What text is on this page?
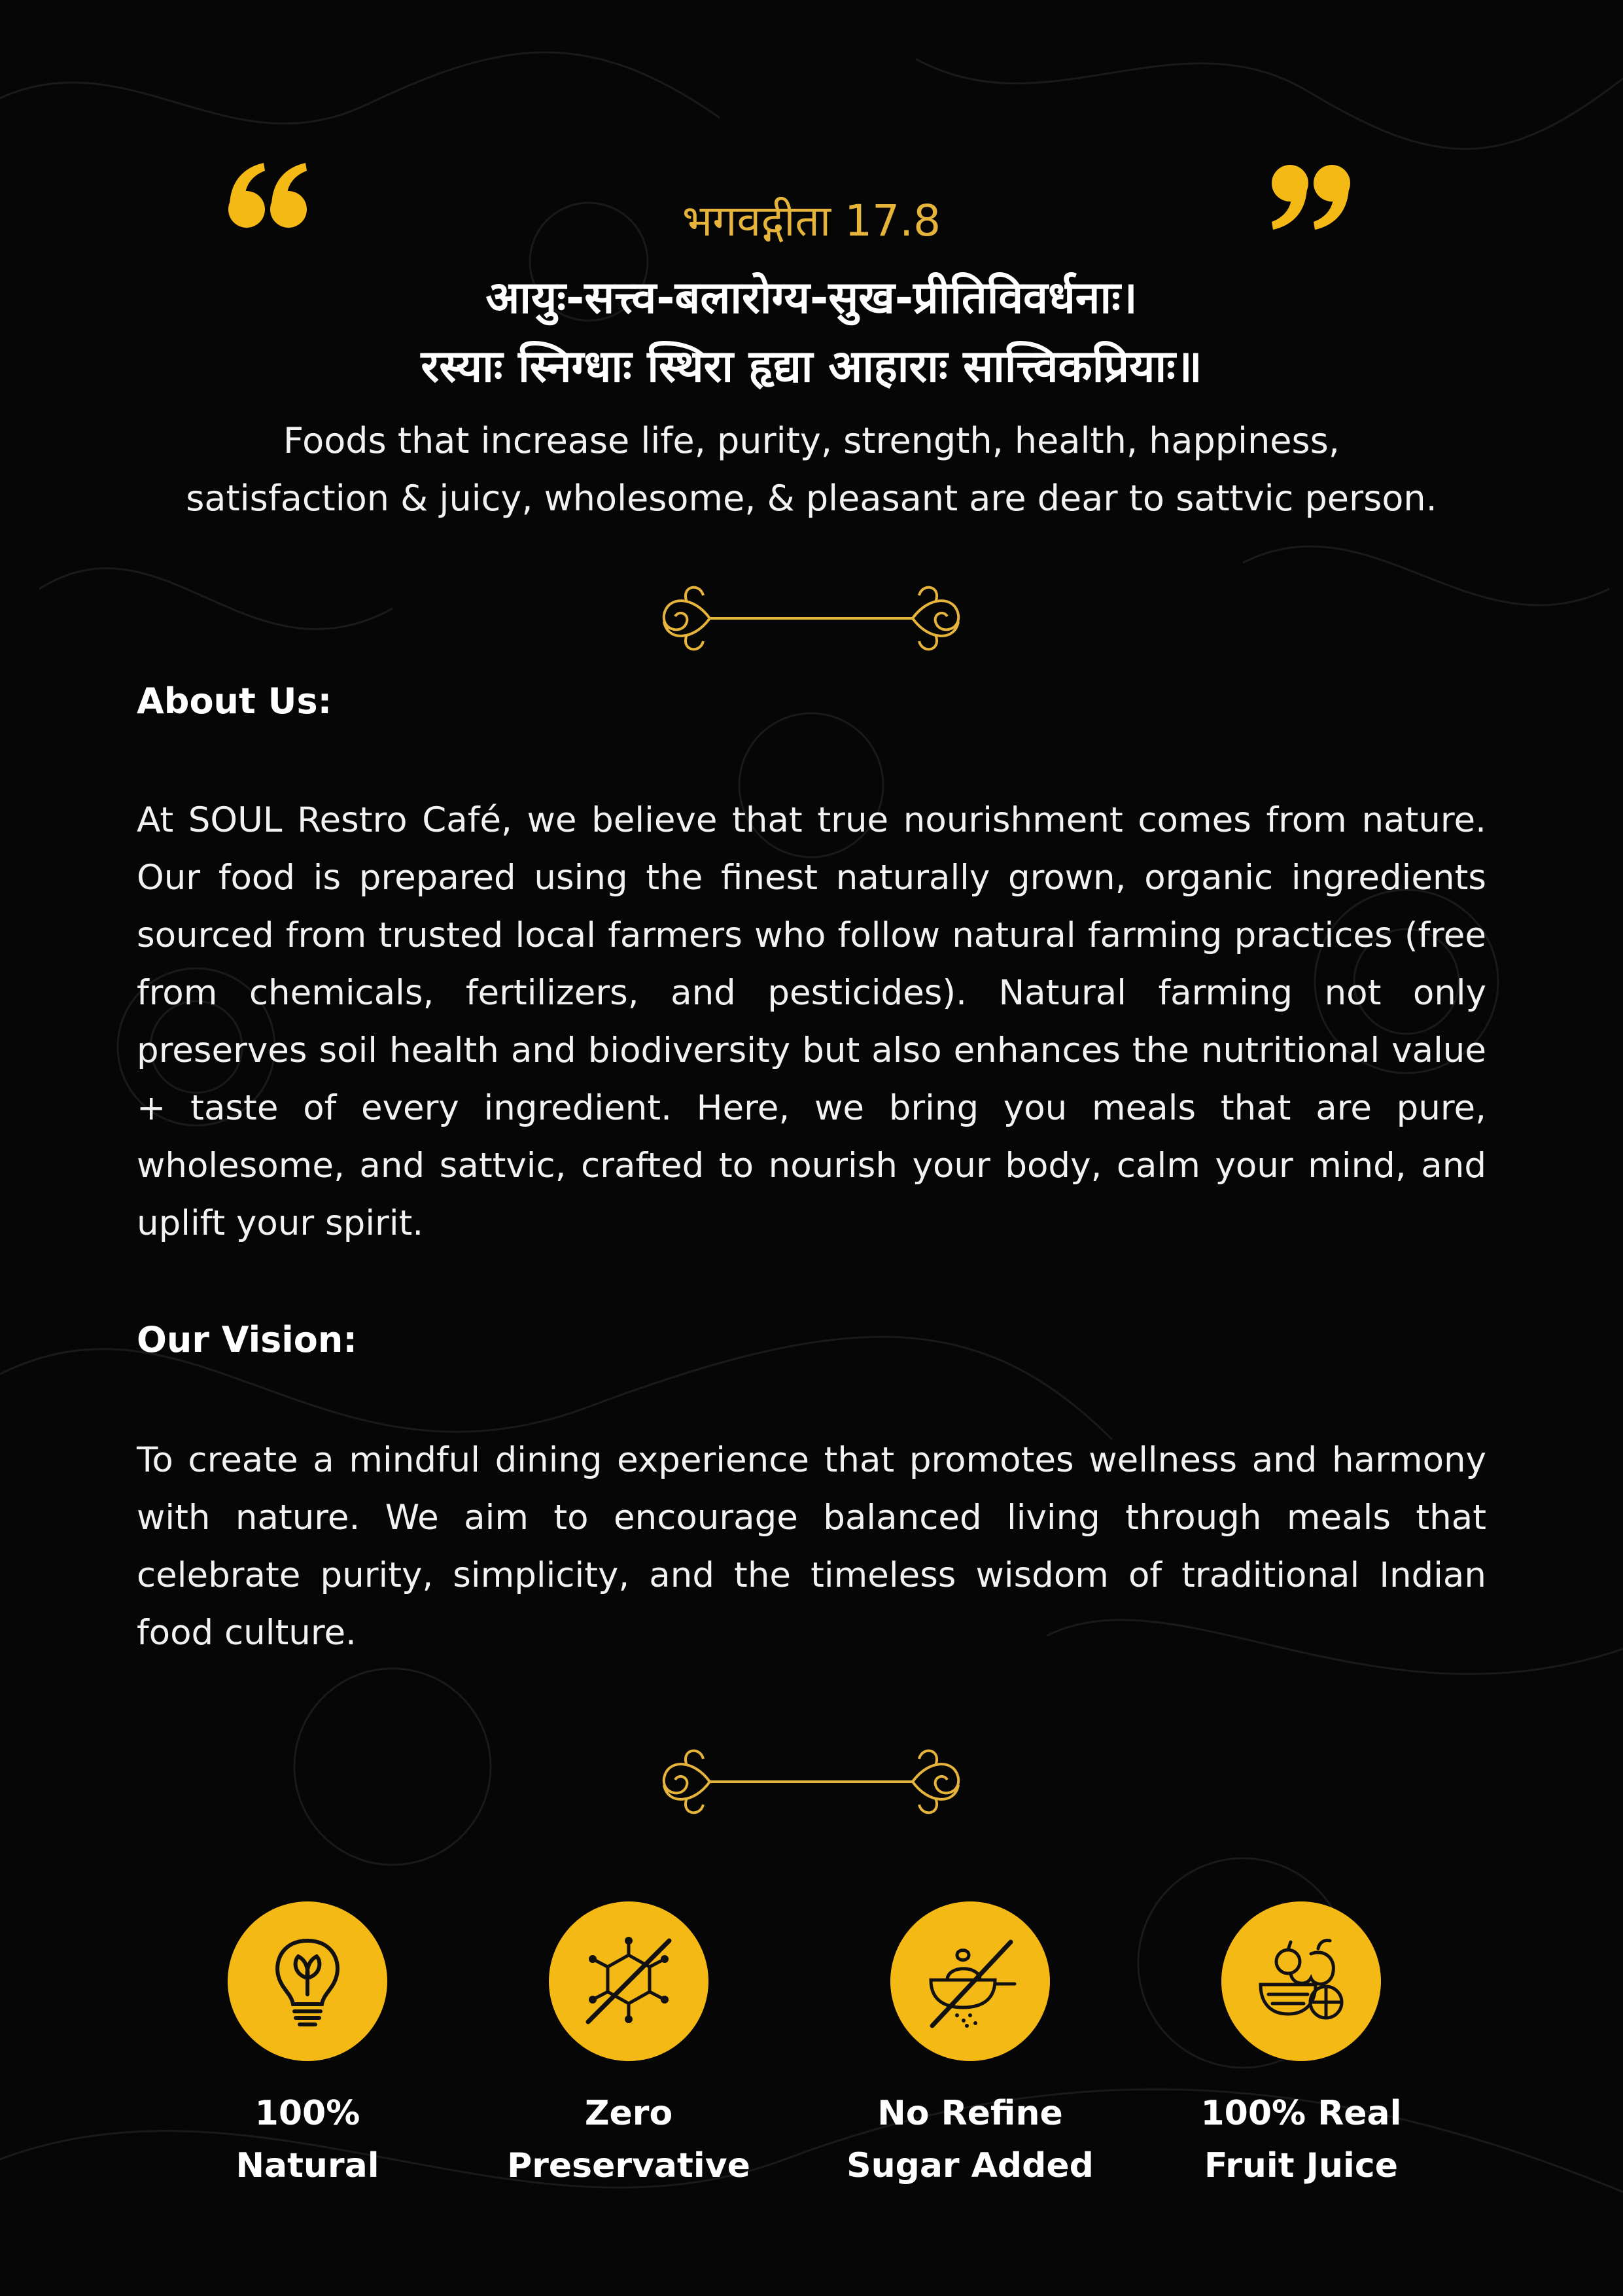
भगवद्गीता 17.8
आयुः-सत्त्व-बलारोग्य-सुख-प्रीतिविवर्धनाः।
रस्याः स्निग्धाः स्थिरा हृद्या आहाराः सात्त्विकप्रियाः॥
Foods that increase life, purity, strength, health, happiness,
satisfaction & juicy, wholesome, & pleasant are dear to sattvic person.
About Us:
At SOUL Restro Café, we believe that true nourishment comes from nature. Our food is prepared using the finest naturally grown, organic ingredients sourced from trusted local farmers who follow natural farming practices (free from chemicals, fertilizers, and pesticides). Natural farming not only preserves soil health and biodiversity but also enhances the nutritional value + taste of every ingredient. Here, we bring you meals that are pure, wholesome, and sattvic, crafted to nourish your body, calm your mind, and uplift your spirit.
Our Vision:
To create a mindful dining experience that promotes wellness and harmony with nature. We aim to encourage balanced living through meals that celebrate purity, simplicity, and the timeless wisdom of traditional Indian food culture.
100%
Natural
Zero
Preservative
No Refine
Sugar Added
100% Real
Fruit Juice
